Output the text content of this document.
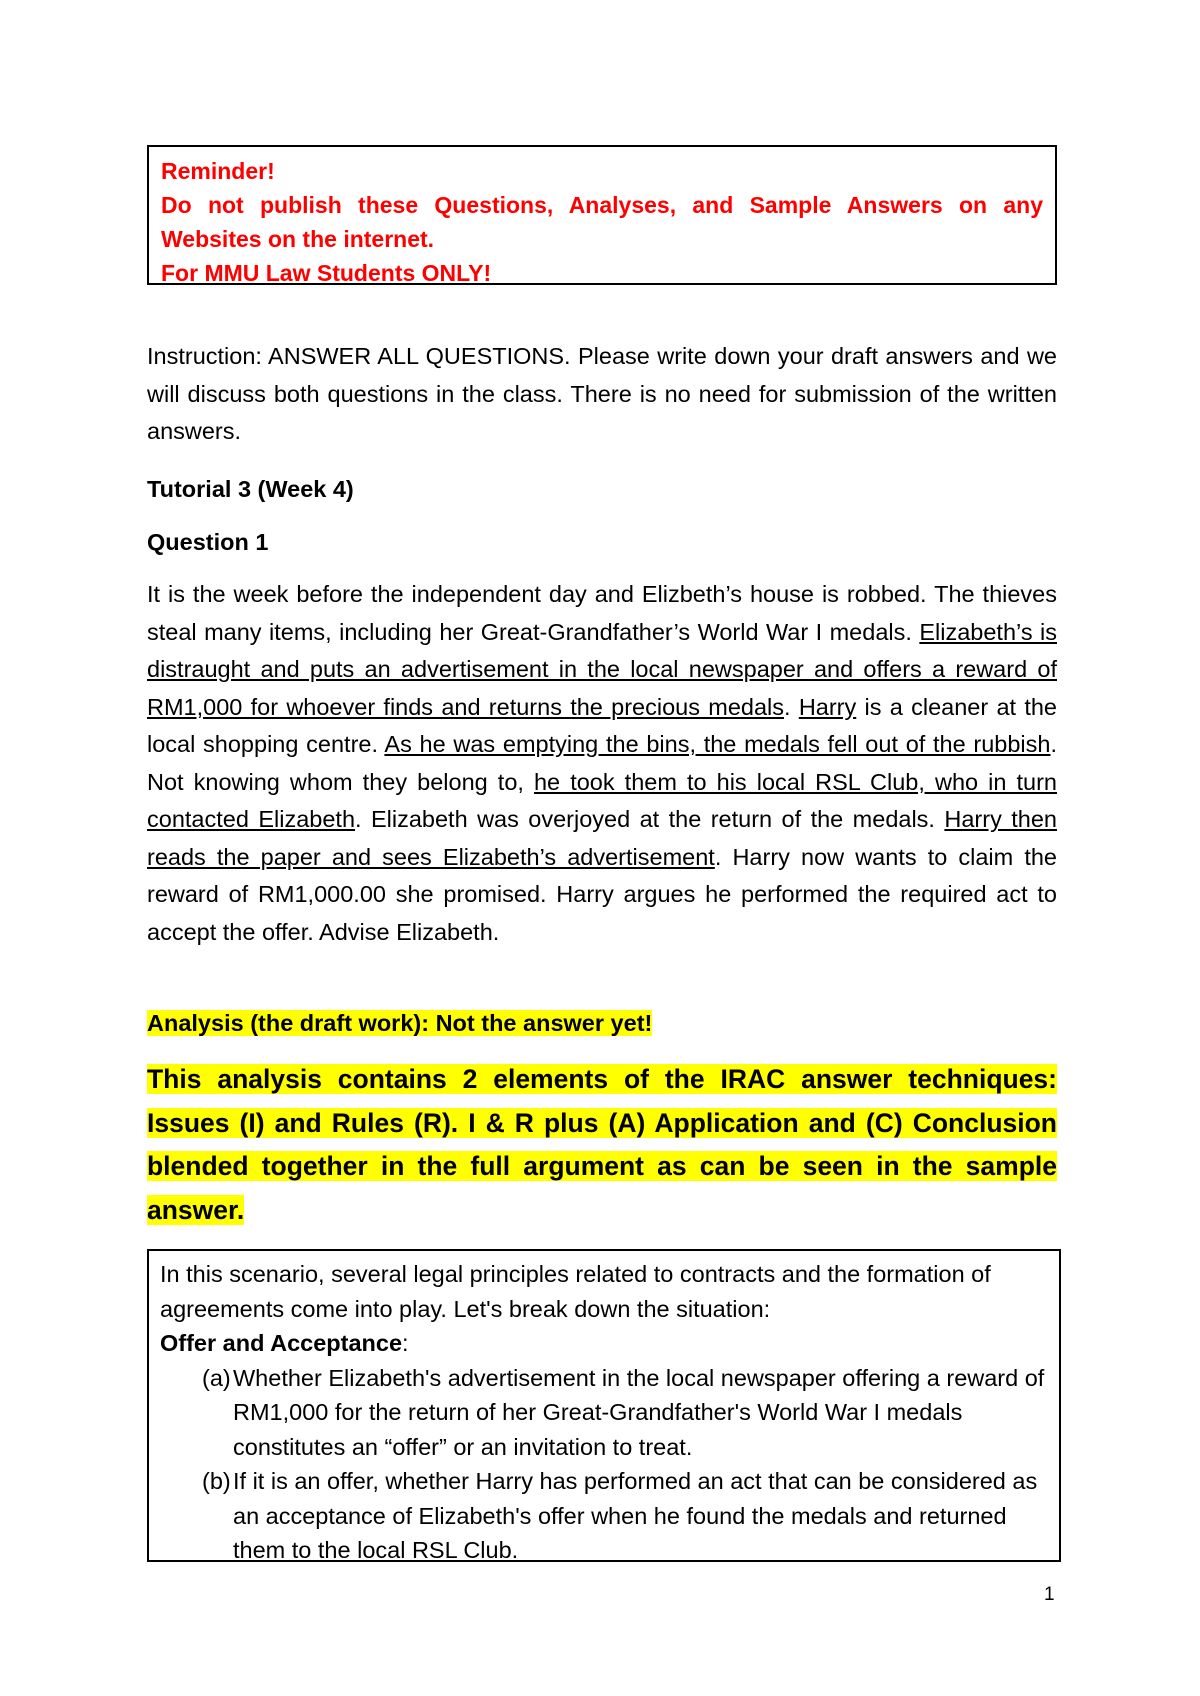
Reminder!
Do not publish these Questions, Analyses, and Sample Answers on any
Websites on the internet.
For MMU Law Students ONLY!

Instruction: ANSWER ALL QUESTIONS. Please write down your draft answers and we will discuss both questions in the class. There is no need for submission of the written answers.

Tutorial 3 (Week 4)

Question 1

It is the week before the independent day and Elizbeth’s house is robbed. The thieves steal many items, including her Great-Grandfather’s World War I medals. Elizabeth’s is distraught and puts an advertisement in the local newspaper and offers a reward of RM1,000 for whoever finds and returns the precious medals. Harry is a cleaner at the local shopping centre. As he was emptying the bins, the medals fell out of the rubbish. Not knowing whom they belong to, he took them to his local RSL Club, who in turn contacted Elizabeth. Elizabeth was overjoyed at the return of the medals. Harry then reads the paper and sees Elizabeth’s advertisement. Harry now wants to claim the reward of RM1,000.00 she promised. Harry argues he performed the required act to accept the offer. Advise Elizabeth.

Analysis (the draft work): Not the answer yet!

This analysis contains 2 elements of the IRAC answer techniques: Issues (I) and Rules (R). I & R plus (A) Application and (C) Conclusion blended together in the full argument as can be seen in the sample answer.

In this scenario, several legal principles related to contracts and the formation of agreements come into play. Let's break down the situation:
Offer and Acceptance:
(a) Whether Elizabeth's advertisement in the local newspaper offering a reward of RM1,000 for the return of her Great-Grandfather's World War I medals constitutes an “offer” or an invitation to treat.
(b) If it is an offer, whether Harry has performed an act that can be considered as an acceptance of Elizabeth's offer when he found the medals and returned them to the local RSL Club.
1
